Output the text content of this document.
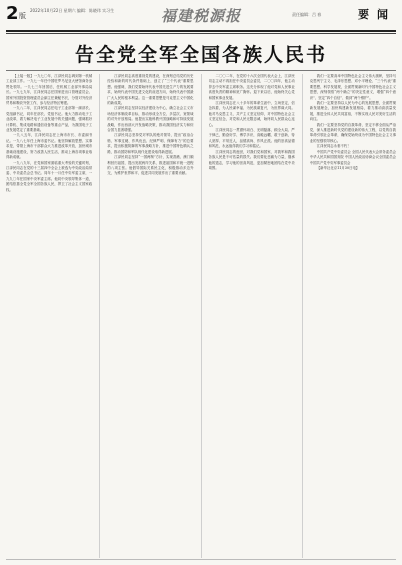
2 版
2022年10月22日 星期六 编辑：陈晓玮 实习生	福建税源报	责任编辑：吕 春	要闻
告全党全军全国各族人民书

【上接一版】一九七〇年，江泽民同志调到第一机械工业部工作。一九七一年任中国驻罗马尼亚大使馆商务参赞处领导。一九七三年回国后，任机械工业部外事局局长。一九七九年，江泽民同志任国家进出口管理委员会、国家外国投资管理委员会副主任兼秘书长，分管对外经济贸易和吸收外资工作，参与经济特区筹建。

一九八二年，江泽民同志任电子工业部第一副部长、党组副书记，同年任部长、党组书记。他大力推动电子工业改革，着力解决电子工业发展中的关键问题，强调抓好计算机、集成电路和通信设备等重点产品，为我国电子工业发展奠定了重要基础。

一九八五年，江泽民同志任上海市市长、市委副书记。一九八七年任上海市委书记。他坚持解放思想、实事求是，带领上海市干部群众大力推进改革开放，加快城市基础设施建设，努力改善人民生活，推动上海各项事业取得新成就。

一九八九年，在党和国家面临重大考验的关键时刻，江泽民同志在党的十三届四中全会上被选为中央政治局常委、中央委员会总书记。同年十一月任中央军委主席，一九九〇年任国家中央军委主席。他同中央领导集体一道，团结依靠全党全军全国各族人民，捍卫了社会主义国家政权。

江泽民同志高度重视党的建设，在深刻总结党的历史经验和新的时代条件基础上，创立了“三个代表”重要思想。他强调，我们党要始终代表中国先进生产力的发展要求，始终代表中国先进文化的前进方向，始终代表中国最广大人民的根本利益。这一重要思想是马克思主义中国化的新成果。

江泽民同志坚持以经济建设为中心，确立社会主义市场经济体制改革目标，推动形成全方位、多层次、宽领域的对外开放格局。他提出实施科教兴国战略和可持续发展战略，作出西部大开发战略决策，推动我国经济实力和综合国力显著增强。

江泽民同志坚持党对军队的绝对领导，提出“政治合格、军事过硬、作风优良、纪律严明、保障有力”的总要求，提出积极防御的军事战略方针，推进中国特色精兵之路，推动国防和军队现代化建设取得新进展。

江泽民同志坚持“一国两制”方针，实现香港、澳门顺利回归祖国，提出发展两岸关系、推进祖国和平统一进程的八项主张。他倡导国际关系民主化，积极推动多边外交，为维护世界和平、促进共同发展作出了重要贡献。

二〇〇二年，在党的十六次全国代表大会上，江泽民同志主动不再担任中央委员会委员，二〇〇四年，他主动辞去中央军委主席职务。这充分体现了他对党和人民事业高度负责的精神和宽广胸怀。退下来以后，他始终关心党和国家事业发展。

江泽民同志在八十多年的革命生涯中，立场坚定，信念执着，为人民谋幸福、为民族谋复兴，为世界谋大同。他对马克思主义、共产主义坚定信仰，对中国特色社会主义坚定信念，对党和人民无限忠诚，始终同人民群众心连心。

江泽民同志一贯襟怀坦白、光明磊落，顾全大局、严于律己，勤奋好学、博学多识，高瞻远瞩、敢于创新，待人宽厚、平易近人，品德高尚、作风正派。他的崇高品德和风范，永远值得我们学习和铭记。

江泽民同志的逝世，对我们党和国家、对我军和我国各族人民是不可估量的损失。我们要化悲痛为力量，继承他的遗志，学习他的崇高风范，更加紧密地团结在党中央周围。

我们一定要高举中国特色社会主义伟大旗帜，坚持马克思列宁主义、毛泽东思想、邓小平理论、“三个代表”重要思想、科学发展观，全面贯彻新时代中国特色社会主义思想，深刻领悟“两个确立”的决定性意义，增强“四个意识”、坚定“四个自信”、做到“两个维护”。

我们一定要坚持以人民为中心的发展思想，全面贯彻新发展理念，加快构建新发展格局，着力推动高质量发展，推进全体人民共同富裕，不断实现人民对美好生活的向往。

我们一定要坚持党的自我革命，坚定不移全面从严治党，深入推进新时代党的建设新的伟大工程，以党的自我革命引领社会革命，确保党始终成为中国特色社会主义事业的坚强领导核心。

江泽民同志永垂不朽！

中国共产党中央委员会 全国人民代表大会常务委员会 中华人民共和国国务院 中国人民政治协商会议全国委员会 中国共产党中央军事委员会

【新华社北京11月30日电】
